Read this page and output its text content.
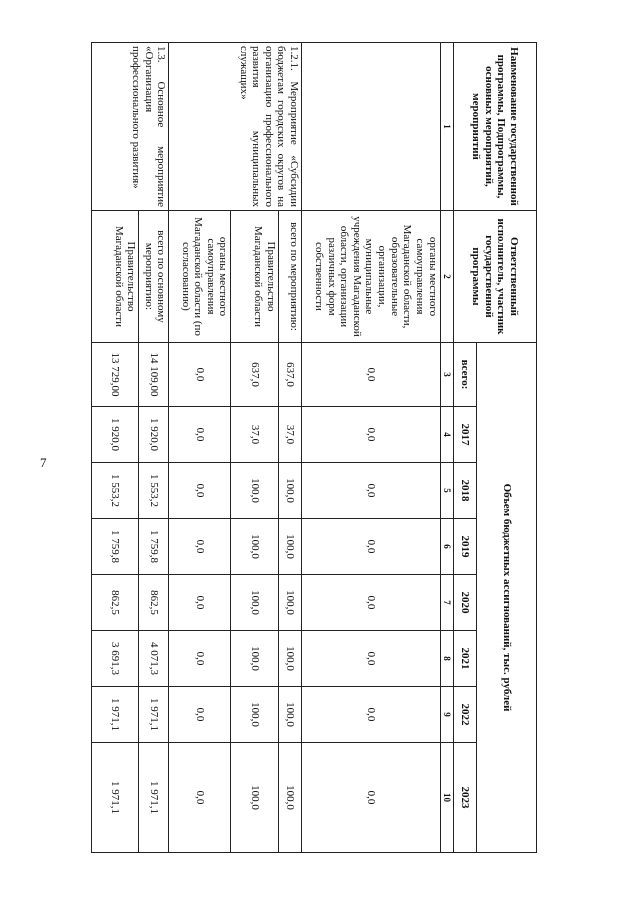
7
Наименование государственной программы, Подпрограммы, основных мероприятий, мероприятий	Ответственный исполнитель, участник государственной программы	Объем бюджетных ассигнований, тыс. рублей							
		всего:	2017	2018	2019	2020	2021	2022	2023
1	2	3	4	5	6	7	8	9	10
	органы местного самоуправления Магаданской области, образовательные организации, муниципальные учреждения Магаданской области, организации различных форм собственности	0,0	0,0	0,0	0,0	0,0	0,0	0,0	0,0
1.2.1. Мероприятие «Субсидии бюджетам городских округов на организацию профессионального развития муниципальных служащих»	всего по мероприятию:	637,0	37,0	100,0	100,0	100,0	100,0	100,0	100,0
	Правительство Магаданской области	637,0	37,0	100,0	100,0	100,0	100,0	100,0	100,0
	органы местного самоуправления Магаданской области (по согласованию)	0,0	0,0	0,0	0,0	0,0	0,0	0,0	0,0
1.3. Основное мероприятие «Организация профессионального развития»	всего по основному мероприятию:	14 109,00	1 920,0	1 553,2	1 759,8	862,5	4 071,3	1 971,1	1 971,1
	Правительство Магаданской области	13 729,00	1 920,0	1 553,2	1 759,8	862,5	3 691,3	1 971,1	1 971,1
